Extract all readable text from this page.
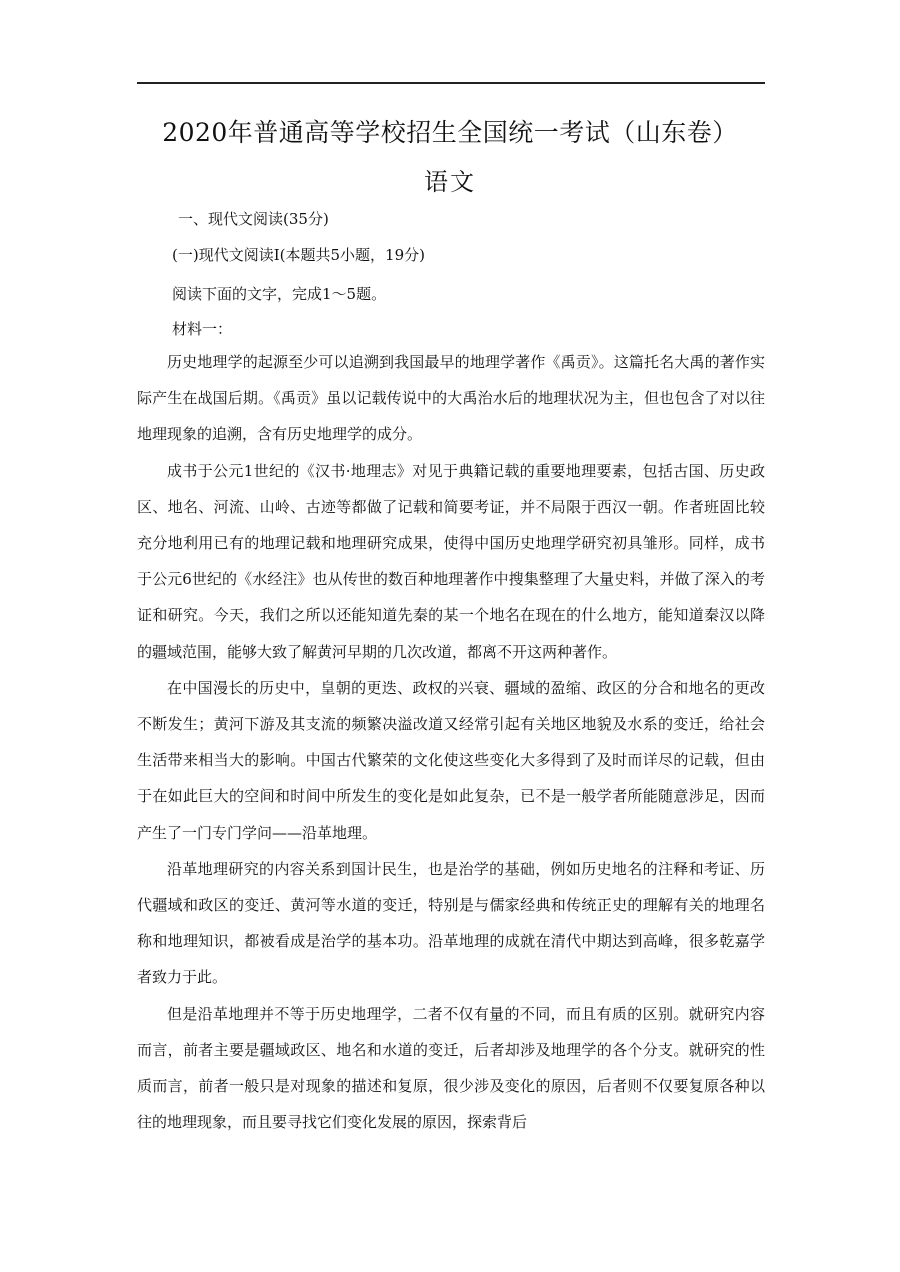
2020年普通高等学校招生全国统一考试（山东卷）
语文
一、现代文阅读(35分)
(一)现代文阅读Ⅰ(本题共5小题，19分)
阅读下面的文字，完成1～5题。
材料一：

历史地理学的起源至少可以追溯到我国最早的地理学著作《禹贡》。这篇托名大禹的著作实际产生在战国后期。《禹贡》虽以记载传说中的大禹治水后的地理状况为主，但也包含了对以往地理现象的追溯，含有历史地理学的成分。

成书于公元1世纪的《汉书·地理志》对见于典籍记载的重要地理要素，包括古国、历史政区、地名、河流、山岭、古迹等都做了记载和简要考证，并不局限于西汉一朝。作者班固比较充分地利用已有的地理记载和地理研究成果，使得中国历史地理学研究初具雏形。同样，成书于公元6世纪的《水经注》也从传世的数百种地理著作中搜集整理了大量史料，并做了深入的考证和研究。今天，我们之所以还能知道先秦的某一个地名在现在的什么地方，能知道秦汉以降的疆域范围，能够大致了解黄河早期的几次改道，都离不开这两种著作。

在中国漫长的历史中，皇朝的更迭、政权的兴衰、疆域的盈缩、政区的分合和地名的更改不断发生；黄河下游及其支流的频繁决溢改道又经常引起有关地区地貌及水系的变迁，给社会生活带来相当大的影响。中国古代繁荣的文化使这些变化大多得到了及时而详尽的记载，但由于在如此巨大的空间和时间中所发生的变化是如此复杂，已不是一般学者所能随意涉足，因而产生了一门专门学问——沿革地理。

沿革地理研究的内容关系到国计民生，也是治学的基础，例如历史地名的注释和考证、历代疆域和政区的变迁、黄河等水道的变迁，特别是与儒家经典和传统正史的理解有关的地理名称和地理知识，都被看成是治学的基本功。沿革地理的成就在清代中期达到高峰，很多乾嘉学者致力于此。

但是沿革地理并不等于历史地理学，二者不仅有量的不同，而且有质的区别。就研究内容而言，前者主要是疆域政区、地名和水道的变迁，后者却涉及地理学的各个分支。就研究的性质而言，前者一般只是对现象的描述和复原，很少涉及变化的原因，后者则不仅要复原各种以往的地理现象，而且要寻找它们变化发展的原因，探索背后
